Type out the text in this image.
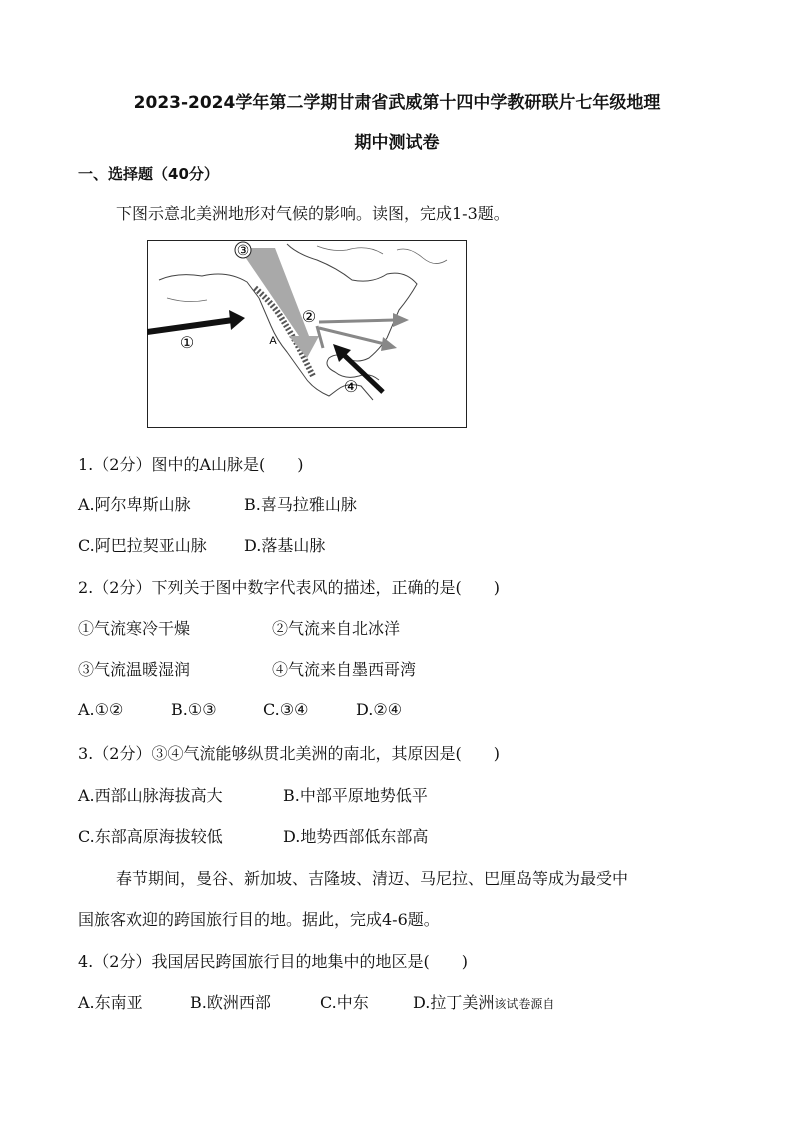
2023-2024学年第二学期甘肃省武威第十四中学教研联片七年级地理
期中测试卷
一、选择题（40分）
下图示意北美洲地形对气候的影响。读图，完成1-3题。
③
②
①
④
A
1.（2分）图中的A山脉是(　　)
A.阿尔卑斯山脉	B.喜马拉雅山脉
C.阿巴拉契亚山脉 D.落基山脉
2.（2分）下列关于图中数字代表风的描述，正确的是(　　)
①气流寒冷干燥	②气流来自北冰洋
③气流温暖湿润	④气流来自墨西哥湾
A.①②	B.①③	C.③④	D.②④
3.（2分）③④气流能够纵贯北美洲的南北，其原因是(　　)
A.西部山脉海拔高大	B.中部平原地势低平
C.东部高原海拔较低	D.地势西部低东部高
春节期间，曼谷、新加坡、吉隆坡、清迈、马尼拉、巴厘岛等成为最受中
国旅客欢迎的跨国旅行目的地。据此，完成4-6题。
4.（2分）我国居民跨国旅行目的地集中的地区是(　　)
A.东南亚	B.欧洲西部	C.中东	D.拉丁美洲该试卷源自
